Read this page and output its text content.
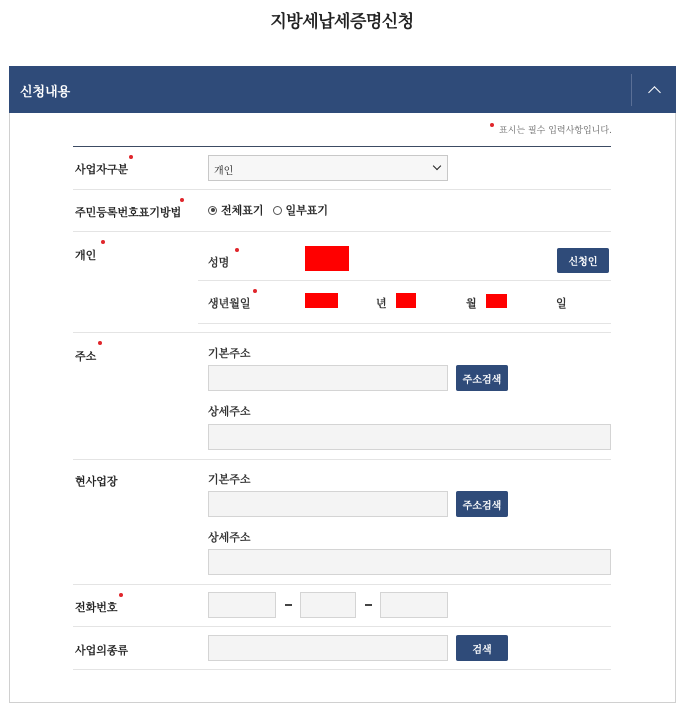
지방세납세증명신청
신청내용
표시는 필수 입력사항입니다.
사업자구분	개인
주민등록번호표기방법	전체표기 일부표기
개인
성명	신청인
생년월일	년	월	일
주소	기본주소
주소검색
상세주소
현사업장	기본주소
주소검색
상세주소
전화번호
사업의종류	검색
